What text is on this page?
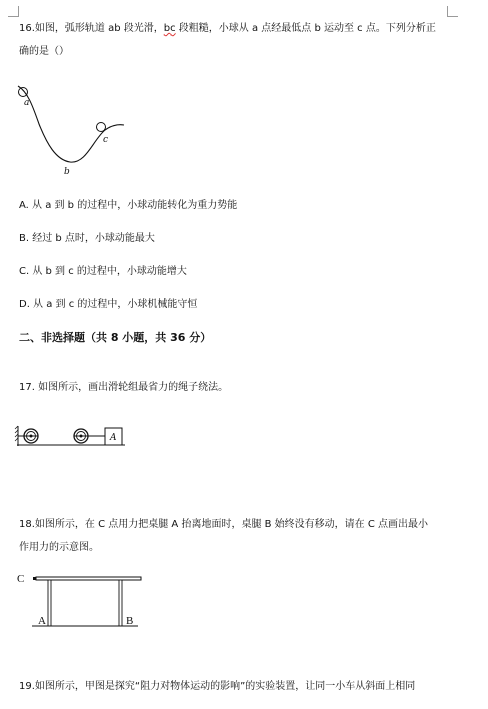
16.如图，弧形轨道 ab 段光滑，bc 段粗糙，小球从 a 点经最低点 b 运动至 c 点。下列分析正
确的是（）
a
b
c
A. 从 a 到 b 的过程中，小球动能转化为重力势能
B. 经过 b 点时，小球动能最大
C. 从 b 到 c 的过程中，小球动能增大
D. 从 a 到 c 的过程中，小球机械能守恒
二、非选择题（共 8 小题，共 36 分）
17. 如图所示，画出滑轮组最省力的绳子绕法。
A
18.如图所示，在 C 点用力把桌腿 A 抬离地面时，桌腿 B 始终没有移动，请在 C 点画出最小
作用力的示意图。
C
A	B
19.如图所示，甲图是探究“阻力对物体运动的影响”的实验装置，让同一小车从斜面上相同
